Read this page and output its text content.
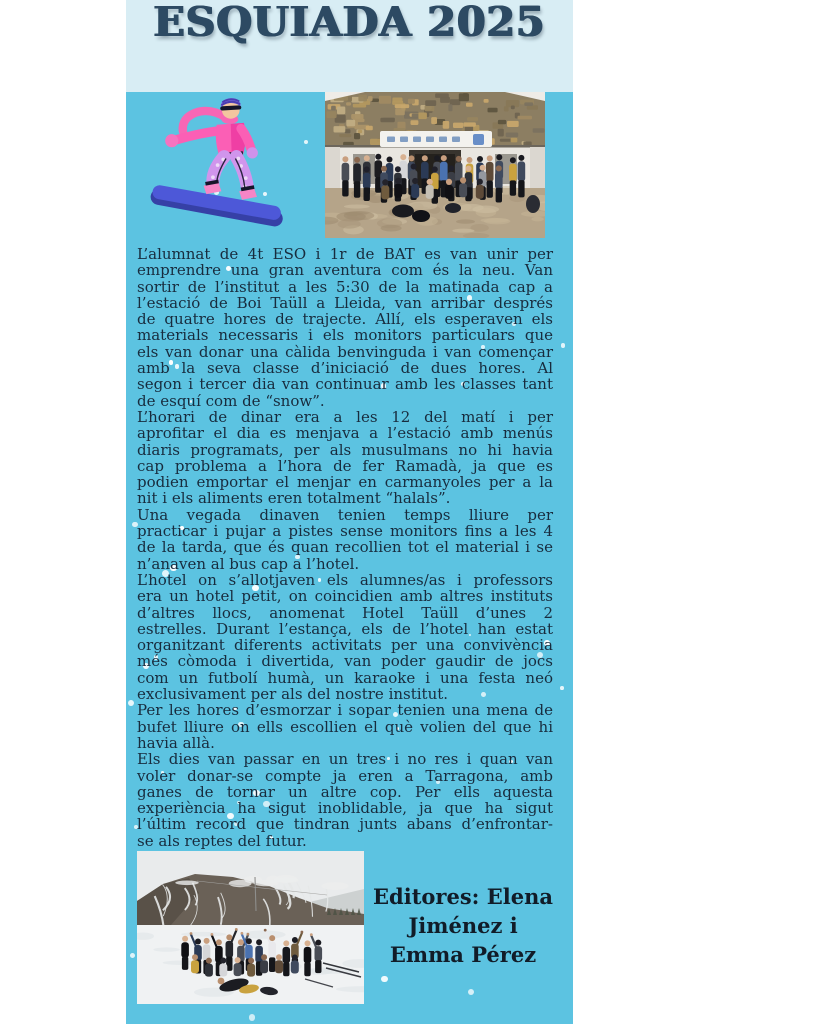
ESQUIADA 2025
L’alumnat de 4t ESO i 1r de BAT es van unir per
emprendre una gran aventura com és la neu. Van
sortir de l’institut a les 5:30 de la matinada cap a
l’estació de Boi Taüll a Lleida, van arribar després
de quatre hores de trajecte. Allí, els esperaven els
materials necessaris i els monitors particulars que
els van donar una càlida benvinguda i van començar
amb la seva classe d’iniciació de dues hores. Al
segon i tercer dia van continuar amb les classes tant
de esquí com de “snow”.
L’horari de dinar era a les 12 del matí i per
aprofitar el dia es menjava a l’estació amb menús
diaris programats, per als musulmans no hi havia
cap problema a l’hora de fer Ramadà, ja que es
podien emportar el menjar en carmanyoles per a la
nit i els aliments eren totalment “halals”.
Una vegada dinaven tenien temps lliure per
practicar i pujar a pistes sense monitors fins a les 4
de la tarda, que és quan recollien tot el material i se
n’anaven al bus cap a l’hotel.
L’hotel on s’allotjaven els alumnes/as i professors
era un hotel petit, on coincidien amb altres instituts
d’altres llocs, anomenat Hotel Taüll d’unes 2
estrelles. Durant l’estança, els de l’hotel han estat
organitzant diferents activitats per una convivència
més còmoda i divertida, van poder gaudir de jocs
com un futbolí humà, un karaoke i una festa neó
exclusivament per als del nostre institut.
Per les hores d’esmorzar i sopar tenien una mena de
bufet lliure on ells escollien el què volien del que hi
havia allà.
Els dies van passar en un tres i no res i quan van
voler donar-se compte ja eren a Tarragona, amb
ganes de tornar un altre cop. Per ells aquesta
experiència ha sigut inoblidable, ja que ha sigut
l’últim record que tindran junts abans d’enfrontar-
se als reptes del futur.
Editores: Elena
Jiménez i
Emma Pérez
